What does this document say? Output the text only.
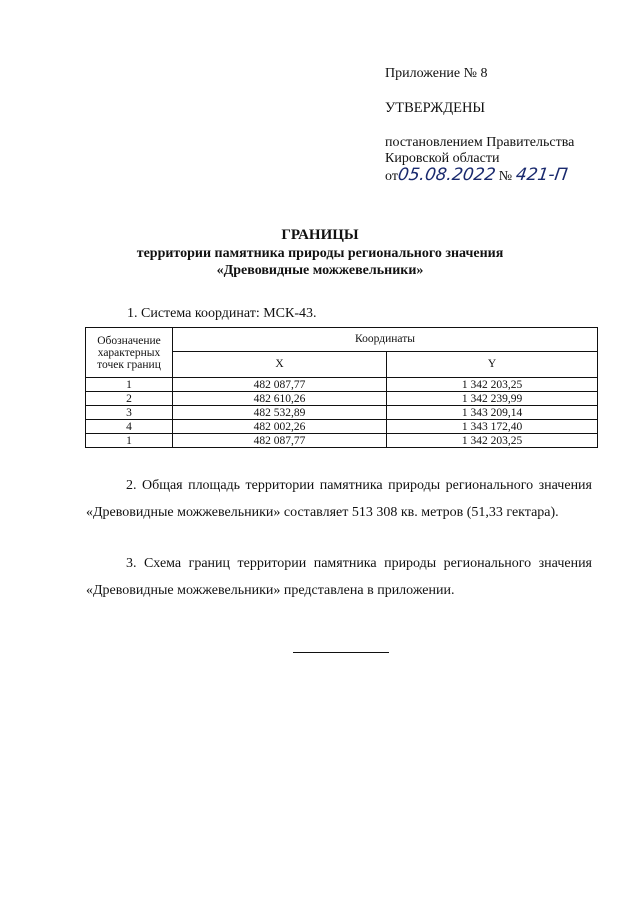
Приложение № 8
УТВЕРЖДЕНЫ
постановлением Правительства
Кировской области
от05.08.2022 № 421-П
ГРАНИЦЫ
территории памятника природы регионального значения
«Древовидные можжевельники»
1. Система координат: МСК-43.
Обозначение характерных точек границ	Координаты	
	X	Y
1	482 087,77	1 342 203,25
2	482 610,26	1 342 239,99
3	482 532,89	1 343 209,14
4	482 002,26	1 343 172,40
1	482 087,77	1 342 203,25
2. Общая площадь территории памятника природы регионального значения «Древовидные можжевельники» составляет 513 308 кв. метров (51,33 гектара).
3. Схема границ территории памятника природы регионального значения «Древовидные можжевельники» представлена в приложении.
